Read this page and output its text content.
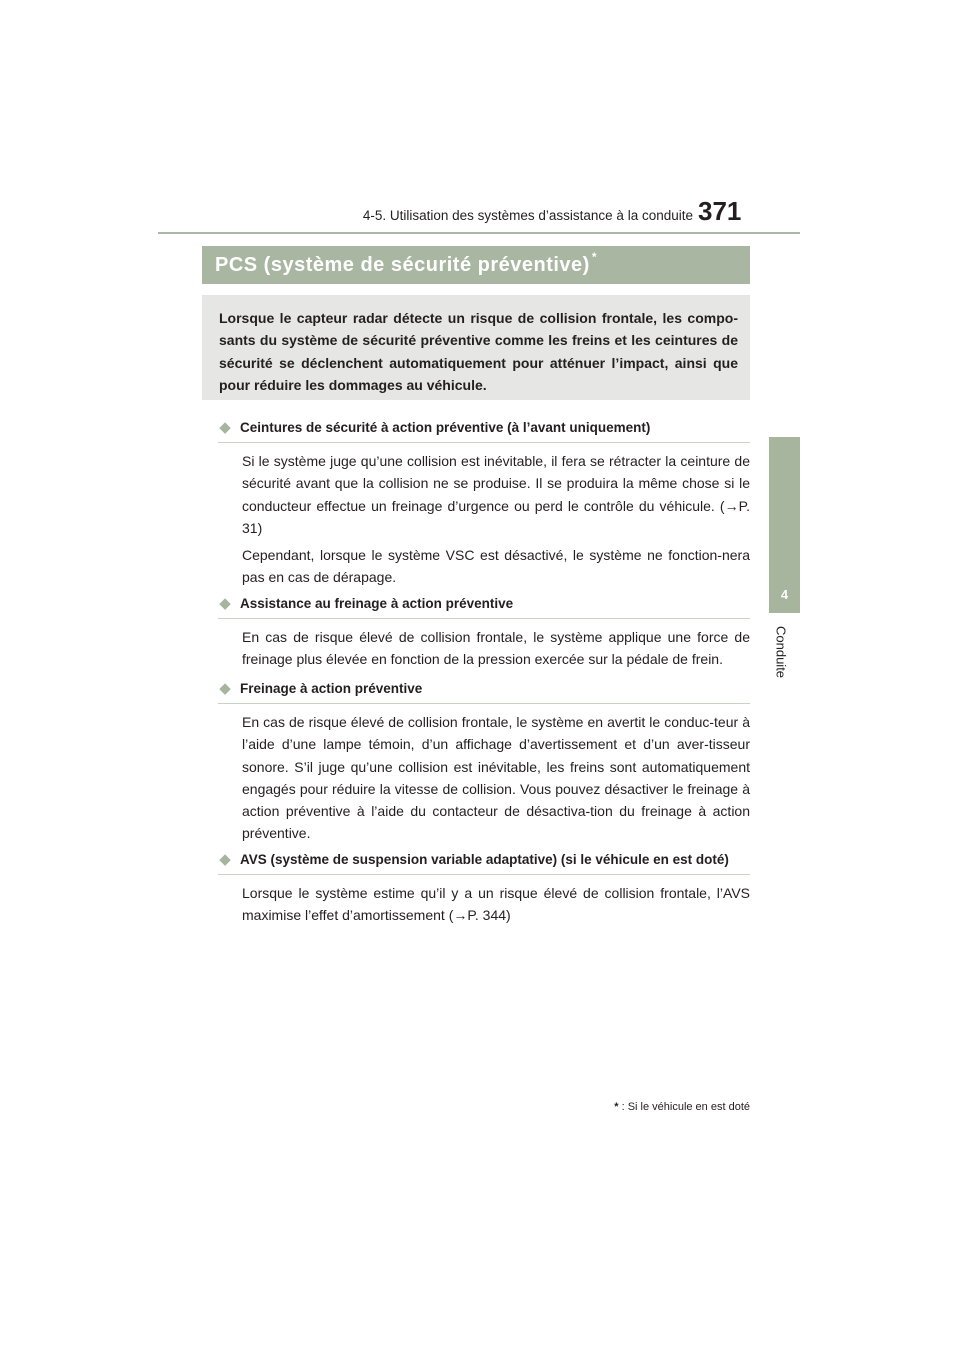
4-5. Utilisation des systèmes d’assistance à la conduite 371
4
Conduite
PCS (système de sécurité préventive) *

Lorsque le capteur radar détecte un risque de collision frontale, les compo-sants du système de sécurité préventive comme les freins et les ceintures de sécurité se déclenchent automatiquement pour atténuer l’impact, ainsi que pour réduire les dommages au véhicule.

◆ Ceintures de sécurité à action préventive (à l’avant uniquement)

Si le système juge qu’une collision est inévitable, il fera se rétracter la ceinture de sécurité avant que la collision ne se produise. Il se produira la même chose si le conducteur effectue un freinage d’urgence ou perd le contrôle du véhicule. (→P. 31)

Cependant, lorsque le système VSC est désactivé, le système ne fonction-nera pas en cas de dérapage.

◆ Assistance au freinage à action préventive

En cas de risque élevé de collision frontale, le système applique une force de freinage plus élevée en fonction de la pression exercée sur la pédale de frein.

◆ Freinage à action préventive

En cas de risque élevé de collision frontale, le système en avertit le conduc-teur à l’aide d’une lampe témoin, d’un affichage d’avertissement et d’un aver-tisseur sonore. S’il juge qu’une collision est inévitable, les freins sont automatiquement engagés pour réduire la vitesse de collision. Vous pouvez désactiver le freinage à action préventive à l’aide du contacteur de désactiva-tion du freinage à action préventive.

◆ AVS (système de suspension variable adaptative) (si le véhicule en est doté)

Lorsque le système estime qu’il y a un risque élevé de collision frontale, l’AVS maximise l’effet d’amortissement (→P. 344)

* : Si le véhicule en est doté
